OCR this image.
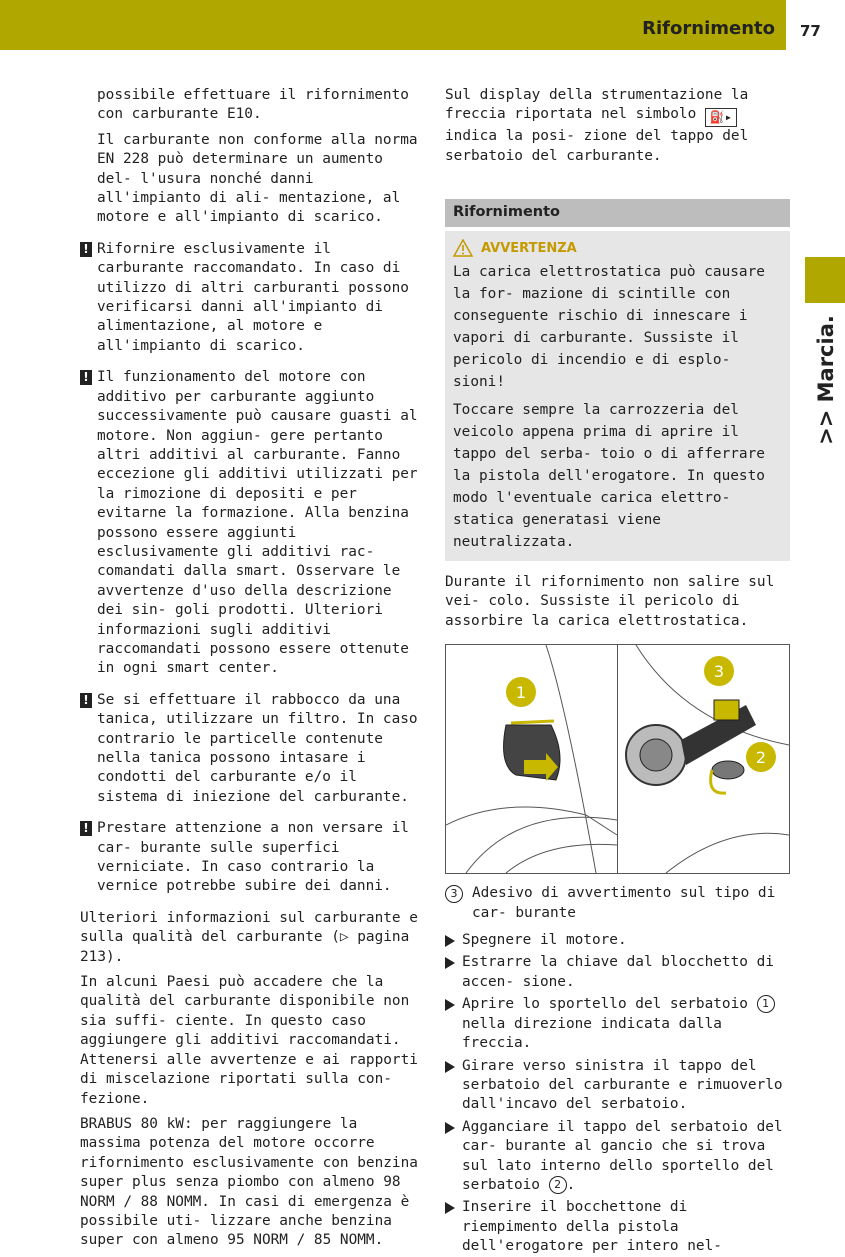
Rifornimento 77
>> Marcia.

possibile effettuare il rifornimento con carburante E10.

Il carburante non conforme alla norma EN 228 può determinare un aumento del- l'usura nonché danni all'impianto di ali- mentazione, al motore e all'impianto di scarico.

! Rifornire esclusivamente il carburante raccomandato. In caso di utilizzo di altri carburanti possono verificarsi danni all'impianto di alimentazione, al motore e all'impianto di scarico.

! Il funzionamento del motore con additivo per carburante aggiunto successivamente può causare guasti al motore. Non aggiun- gere pertanto altri additivi al carburante. Fanno eccezione gli additivi utilizzati per la rimozione di depositi e per evitarne la formazione. Alla benzina possono essere aggiunti esclusivamente gli additivi rac- comandati dalla smart. Osservare le avvertenze d'uso della descrizione dei sin- goli prodotti. Ulteriori informazioni sugli additivi raccomandati possono essere ottenute in ogni smart center.

! Se si effettuare il rabbocco da una tanica, utilizzare un filtro. In caso contrario le particelle contenute nella tanica possono intasare i condotti del carburante e/o il sistema di iniezione del carburante.

! Prestare attenzione a non versare il car- burante sulle superfici verniciate. In caso contrario la vernice potrebbe subire dei danni.

Ulteriori informazioni sul carburante e sulla qualità del carburante (▷ pagina 213).

In alcuni Paesi può accadere che la qualità del carburante disponibile non sia suffi- ciente. In questo caso aggiungere gli additivi raccomandati. Attenersi alle avvertenze e ai rapporti di miscelazione riportati sulla con- fezione.

BRABUS 80 kW: per raggiungere la massima potenza del motore occorre rifornimento esclusivamente con benzina super plus senza piombo con almeno 98 NORM / 88 NOMM. In casi di emergenza è possibile uti- lizzare anche benzina super con almeno 95 NORM / 85 NOMM.

Sul display della strumentazione la freccia riportata nel simbolo ⛽▸ indica la posi- zione del tappo del serbatoio del carburante.

Rifornimento
AVVERTENZA

La carica elettrostatica può causare la for- mazione di scintille con conseguente rischio di innescare i vapori di carburante. Sussiste il pericolo di incendio e di esplo- sioni!

Toccare sempre la carrozzeria del veicolo appena prima di aprire il tappo del serba- toio o di afferrare la pistola dell'erogatore. In questo modo l'eventuale carica elettro- statica generatasi viene neutralizzata.

Durante il rifornimento non salire sul vei- colo. Sussiste il pericolo di assorbire la carica elettrostatica.

1
3
2
3	Adesivo di avvertimento sul tipo di car- burante

Spegnere il motore.

Estrarre la chiave dal blocchetto di accen- sione.

Aprire lo sportello del serbatoio 1 nella direzione indicata dalla freccia.

Girare verso sinistra il tappo del serbatoio del carburante e rimuoverlo dall'incavo del serbatoio.

Agganciare il tappo del serbatoio del car- burante al gancio che si trova sul lato interno dello sportello del serbatoio 2 .

Inserire il bocchettone di riempimento della pistola dell'erogatore per intero nel-
